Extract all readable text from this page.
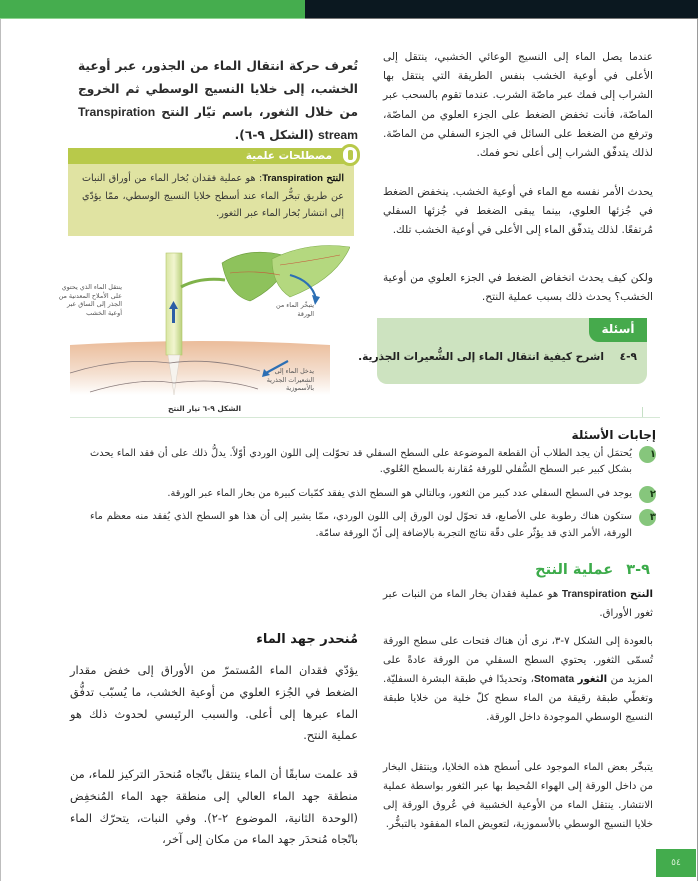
عندما يصل الماء إلى النسيج الوعائي الخشبي، ينتقل إلى الأعلى في أوعية الخشب بنفس الطريقة التي ينتقل بها الشراب إلى فمك عبر ماصّة الشرب. عندما تقوم بالسحب عبر الماصّة، فأنت تخفض الضغط على الجزء العلوي من الماصّة، وترفع من الضغط على السائل في الجزء السفلي من الماصّة. لذلك يتدفّق الشراب إلى أعلى نحو فمك.

يحدث الأمر نفسه مع الماء في أوعية الخشب. ينخفض الضغط في جُزئها العلوي، بينما يبقى الضغط في جُزئها السفلي مُرتفعًا. لذلك يتدفّق الماء إلى الأعلى في أوعية الخشب تلك.

ولكن كيف يحدث انخفاض الضغط في الجزء العلوي من أوعية الخشب؟ يحدث ذلك بسبب عملية النتح.

تُعرف حركة انتقال الماء من الجذور، عبر أوعية الخشب، إلى خلايا النسيج الوسطي ثم الخروج من خلال الثغور، باسم تيّار النتح Transpiration stream (الشكل ٩-٦).

مصطلحات علمية

النتح Transpiration: هو عملية فقدان بُخار الماء من أوراق النبات عن طريق تبخُّر الماء عند أسطح خلايا النسيج الوسطي، ممّا يؤدّي إلى انتشار بُخار الماء عبر الثغور.

ينتقل الماء الذي يحتوي على الأملاح المعدنية من الجذر إلى الساق عبر أوعية الخشب
يتبخّر الماء من الورقة
يدخل الماء إلى الشعيرات الجذرية بالأسموزية
الشكل ٩-٦ تيار النتح
أسئلة
٩-٤ اشرح كيفية انتقال الماء إلى الشُّعيرات الجذرية.
إجابات الأسئلة
١
يُحتمَل أن يجد الطلاب أن القطعة الموضوعة على السطح السفلي قد تحوّلت إلى اللون الوردي أوّلاً. يدلُّ ذلك على أن فقد الماء يحدث بشكل كبير عبر السطح السُّفلي للورقة مُقارنة بالسطح العُلوي.
٢
يوجد في السطح السفلي عدد كبير من الثغور، وبالتالي هو السطح الذي يفقد كمّيات كبيرة من بخار الماء عبر الورقة.
٣
ستكون هناك رطوبة على الأصابع، قد تحوّل لون الورق إلى اللون الوردي، ممّا يشير إلى أن هذا هو السطح الذي يُفقد منه معظم ماء الورقة، الأمر الذي قد يؤثّر على دقّة نتائج التجربة بالإضافة إلى أنّ الورقة سامّة.
٩-٣ عملية النتح

النتح Transpiration هو عملية فقدان بخار الماء من النبات عبر ثغور الأوراق.

بالعودة إلى الشكل ٧-٣، نرى أن هناك فتحات على سطح الورقة تُسمّى الثغور. يحتوي السطح السفلي من الورقة عادةً على المزيد من الثغور Stomata، وتحديدًا في طبقة البشرة السفليّة. وتغطّي طبقة رقيقة من الماء سطح كلّ خلية من خلايا طبقة النسيج الوسطي الموجودة داخل الورقة.

يتبخّر بعض الماء الموجود على أسطح هذه الخلايا، وينتقل البخار من داخل الورقة إلى الهواء المُحيط بها عبر الثغور بواسطة عملية الانتشار. ينتقل الماء من الأوعية الخشبية في عُروق الورقة إلى خلايا النسيج الوسطي بالأسموزية، لتعويض الماء المفقود بالتبخُّر.

مُنحدر جهد الماء

يؤدّي فقدان الماء المُستمرّ من الأوراق إلى خفض مقدار الضغط في الجُزء العلوي من أوعية الخشب، ما يُسبّب تدفُّق الماء عبرها إلى أعلى. والسبب الرئيسي لحدوث ذلك هو عملية النتح.

قد علمت سابقًا أن الماء ينتقل باتّجاه مُنحدَر التركيز للماء، من منطقة جهد الماء العالي إلى منطقة جهد الماء المُنخفِض (الوحدة الثانية، الموضوع ٢-٢). وفي النبات، يتحرّك الماء باتّجاه مُنحدَر جهد الماء من مكان إلى آخر،

٥٤
